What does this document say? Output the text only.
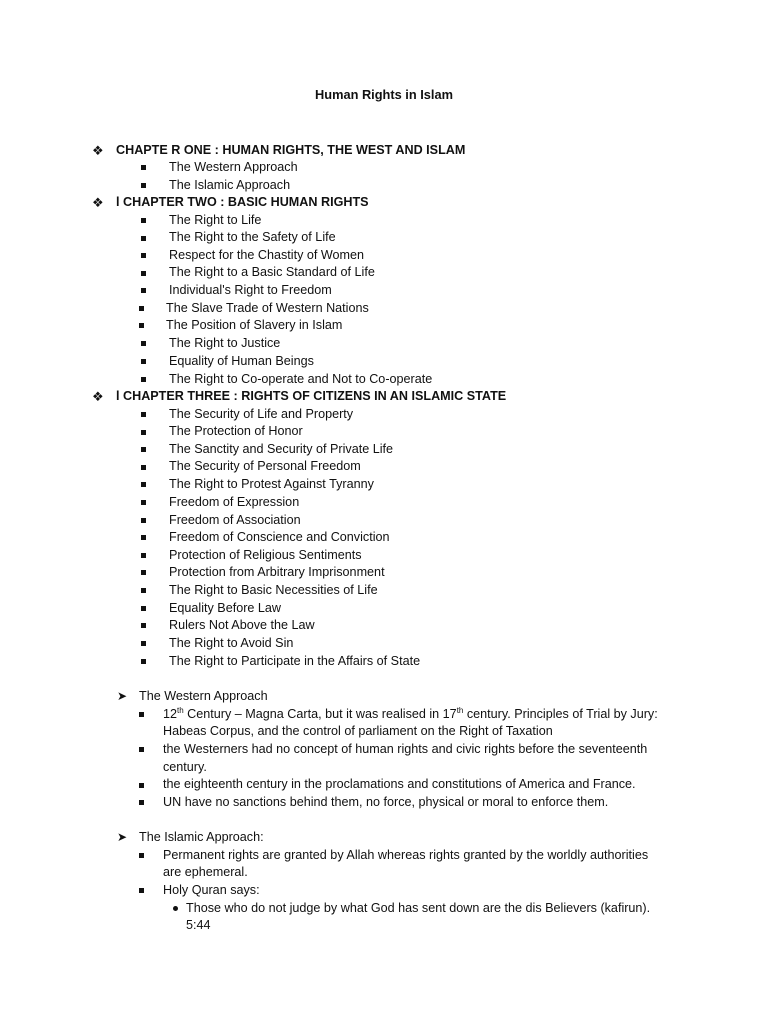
Human Rights in Islam
❖ CHAPTE R ONE : HUMAN RIGHTS, THE WEST AND ISLAM
The Western Approach
The Islamic Approach
❖ l CHAPTER TWO : BASIC HUMAN RIGHTS
The Right to Life
The Right to the Safety of Life
Respect for the Chastity of Women
The Right to a Basic Standard of Life
Individual's Right to Freedom
The Slave Trade of Western Nations
The Position of Slavery in Islam
The Right to Justice
Equality of Human Beings
The Right to Co-operate and Not to Co-operate
❖ l CHAPTER THREE : RIGHTS OF CITIZENS IN AN ISLAMIC STATE
The Security of Life and Property
The Protection of Honor
The Sanctity and Security of Private Life
The Security of Personal Freedom
The Right to Protest Against Tyranny
Freedom of Expression
Freedom of Association
Freedom of Conscience and Conviction
Protection of Religious Sentiments
Protection from Arbitrary Imprisonment
The Right to Basic Necessities of Life
Equality Before Law
Rulers Not Above the Law
The Right to Avoid Sin
The Right to Participate in the Affairs of State
➤ The Western Approach
12th Century – Magna Carta, but it was realised in 17th century. Principles of Trial by Jury:
Habeas Corpus, and the control of parliament on the Right of Taxation
the Westerners had no concept of human rights and civic rights before the seventeenth
century.
the eighteenth century in the proclamations and constitutions of America and France.
UN have no sanctions behind them, no force, physical or moral to enforce them.
➤ The Islamic Approach:
Permanent rights are granted by Allah whereas rights granted by the worldly authorities
are ephemeral.
Holy Quran says:
Those who do not judge by what God has sent down are the dis Believers (kafirun).
5:44
